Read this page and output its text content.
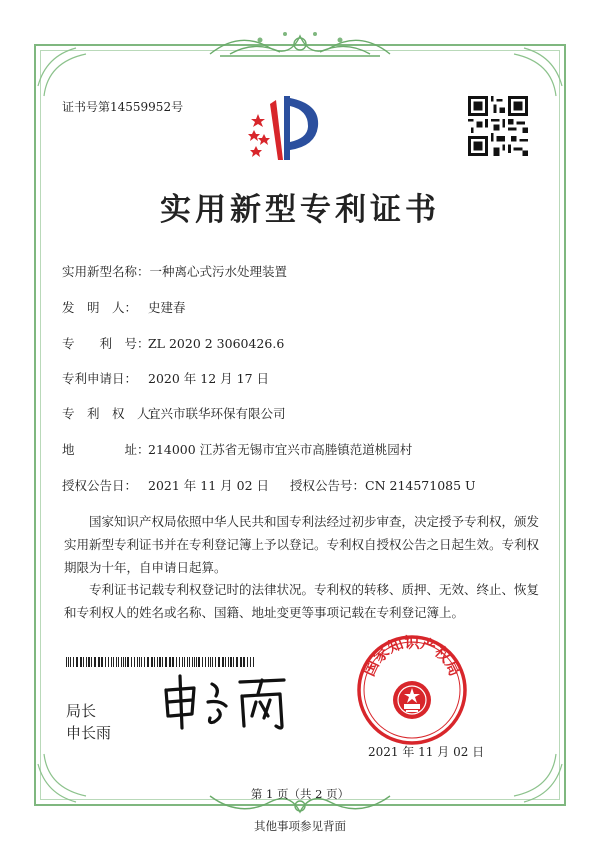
证书号第14559952号
实用新型专利证书
实用新型名称：一种离心式污水处理装置
发　明　人： 史建春
专　　利　号：ZL 2020 2 3060426.6
专利申请日： 2020 年 12 月 17 日
专　利　权　人：宜兴市联华环保有限公司
地　　　　址：214000 江苏省无锡市宜兴市高塍镇范道桃园村
授权公告日： 2021 年 11 月 02 日 授权公告号：CN 214571085 U
国家知识产权局依照中华人民共和国专利法经过初步审查，决定授予专利权，颁发实用新型专利证书并在专利登记簿上予以登记。专利权自授权公告之日起生效。专利权期限为十年，自申请日起算。
专利证书记载专利权登记时的法律状况。专利权的转移、质押、无效、终止、恢复和专利权人的姓名或名称、国籍、地址变更等事项记载在专利登记簿上。
局长
申长雨
国家知识产权局
2021 年 11 月 02 日
第 1 页（共 2 页）
其他事项参见背面
